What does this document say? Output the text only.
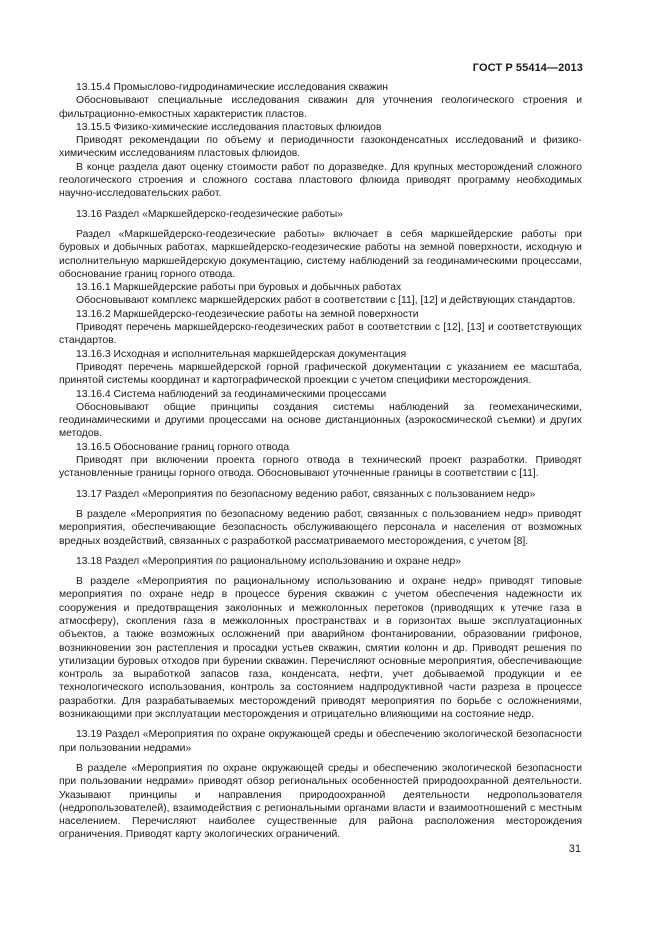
ГОСТ Р 55414—2013

13.15.4 Промыслово-гидродинамические исследования скважин

Обосновывают специальные исследования скважин для уточнения геологического строения и фильтрационно-емкостных характеристик пластов.

13.15.5 Физико-химические исследования пластовых флюидов

Приводят рекомендации по объему и периодичности газоконденсатных исследований и физико-химическим исследованиям пластовых флюидов.

В конце раздела дают оценку стоимости работ по доразведке. Для крупных месторождений сложного геологического строения и сложного состава пластового флюида приводят программу необходимых научно-исследовательских работ.

13.16 Раздел «Маркшейдерско-геодезические работы»

Раздел «Маркшейдерско-геодезические работы» включает в себя маркшейдерские работы при буровых и добычных работах, маркшейдерско-геодезические работы на земной поверхности, исходную и исполнительную маркшейдерскую документацию, систему наблюдений за геодинамическими процессами, обоснование границ горного отвода.

13.16.1 Маркшейдерские работы при буровых и добычных работах

Обосновывают комплекс маркшейдерских работ в соответствии с [11], [12] и действующих стандартов.

13.16.2 Маркшейдерско-геодезические работы на земной поверхности

Приводят перечень маркшейдерско-геодезических работ в соответствии с [12], [13] и соответствующих стандартов.

13.16.3 Исходная и исполнительная маркшейдерская документация

Приводят перечень маркшейдерской горной графической документации с указанием ее масштаба, принятой системы координат и картографической проекции с учетом специфики месторождения.

13.16.4 Система наблюдений за геодинамическими процессами

Обосновывают общие принципы создания системы наблюдений за геомеханическими, геодинамическими и другими процессами на основе дистанционных (аэрокосмической съемки) и других методов.

13.16.5 Обоснование границ горного отвода

Приводят при включении проекта горного отвода в технический проект разработки. Приводят установленные границы горного отвода. Обосновывают уточненные границы в соответствии с [11].

13.17 Раздел «Мероприятия по безопасному ведению работ, связанных с пользованием недр»

В разделе «Мероприятия по безопасному ведению работ, связанных с пользованием недр» приводят мероприятия, обеспечивающие безопасность обслуживающего персонала и населения от возможных вредных воздействий, связанных с разработкой рассматриваемого месторождения, с учетом [8].

13.18 Раздел «Мероприятия по рациональному использованию и охране недр»

В разделе «Мероприятия по рациональному использованию и охране недр» приводят типовые мероприятия по охране недр в процессе бурения скважин с учетом обеспечения надежности их сооружения и предотвращения заколонных и межколонных перетоков (приводящих к утечке газа в атмосферу), скопления газа в межколонных пространствах и в горизонтах выше эксплуатационных объектов, а также возможных осложнений при аварийном фонтанировании, образовании грифонов, возникновении зон растепления и просадки устьев скважин, смятии колонн и др. Приводят решения по утилизации буровых отходов при бурении скважин. Перечисляют основные мероприятия, обеспечивающие контроль за выработкой запасов газа, конденсата, нефти, учет добываемой продукции и ее технологического использования, контроль за состоянием надпродуктивной части разреза в процессе разработки. Для разрабатываемых месторождений приводят мероприятия по борьбе с осложнениями, возникающими при эксплуатации месторождения и отрицательно влияющими на состояние недр.

13.19 Раздел «Мероприятия по охране окружающей среды и обеспечению экологической безопасности при пользовании недрами»

В разделе «Мероприятия по охране окружающей среды и обеспечению экологической безопасности при пользовании недрами» приводят обзор региональных особенностей природоохранной деятельности. Указывают принципы и направления природоохранной деятельности недропользователя (недропользователей), взаимодействия с региональными органами власти и взаимоотношений с местным населением. Перечисляют наиболее существенные для района расположения месторождения ограничения. Приводят карту экологических ограничений.

31
